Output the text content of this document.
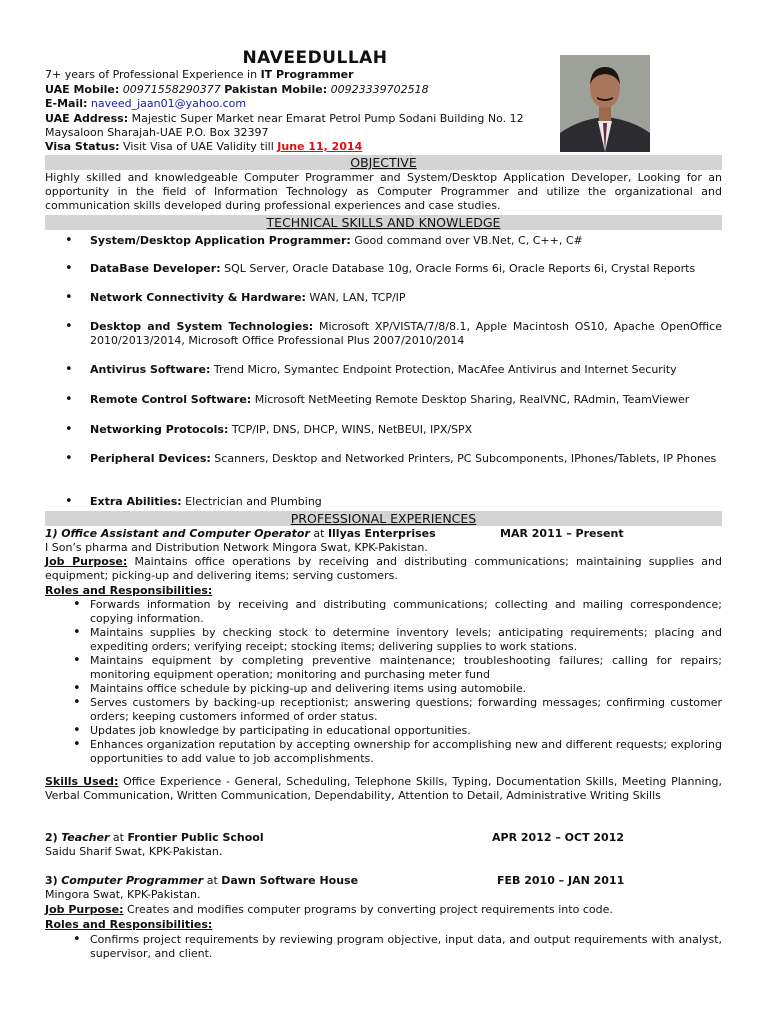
NAVEEDULLAH
7+ years of Professional Experience in IT Programmer
UAE Mobile: 00971558290377 Pakistan Mobile: 00923339702518
E-Mail: naveed_jaan01@yahoo.com
UAE Address: Majestic Super Market near Emarat Petrol Pump Sodani Building No. 12
Maysaloon Sharajah-UAE P.O. Box 32397
Visa Status: Visit Visa of UAE Validity till June 11, 2014
OBJECTIVE
Highly skilled and knowledgeable Computer Programmer and System/Desktop Application Developer, Looking for an opportunity in the field of Information Technology as Computer Programmer and utilize the organizational and communication skills developed during professional experiences and case studies.
TECHNICAL SKILLS AND KNOWLEDGE
• System/Desktop Application Programmer: Good command over VB.Net, C, C++, C#
• DataBase Developer: SQL Server, Oracle Database 10g, Oracle Forms 6i, Oracle Reports 6i, Crystal Reports
• Network Connectivity & Hardware: WAN, LAN, TCP/IP
• Desktop and System Technologies: Microsoft XP/VISTA/7/8/8.1, Apple Macintosh OS10, Apache OpenOffice 2010/2013/2014, Microsoft Office Professional Plus 2007/2010/2014
• Antivirus Software: Trend Micro, Symantec Endpoint Protection, MacAfee Antivirus and Internet Security
• Remote Control Software: Microsoft NetMeeting Remote Desktop Sharing, RealVNC, RAdmin, TeamViewer
• Networking Protocols: TCP/IP, DNS, DHCP, WINS, NetBEUI, IPX/SPX
• Peripheral Devices: Scanners, Desktop and Networked Printers, PC Subcomponents, IPhones/Tablets, IP Phones
• Extra Abilities: Electrician and Plumbing
PROFESSIONAL EXPERIENCES
1) Office Assistant and Computer Operator at Illyas Enterprises	MAR 2011 – Present
I Son’s pharma and Distribution Network Mingora Swat, KPK-Pakistan.
Job Purpose: Maintains office operations by receiving and distributing communications; maintaining supplies and equipment; picking-up and delivering items; serving customers.
Roles and Responsibilities:
• Forwards information by receiving and distributing communications; collecting and mailing correspondence; copying information.
• Maintains supplies by checking stock to determine inventory levels; anticipating requirements; placing and expediting orders; verifying receipt; stocking items; delivering supplies to work stations.
• Maintains equipment by completing preventive maintenance; troubleshooting failures; calling for repairs; monitoring equipment operation; monitoring and purchasing meter fund
• Maintains office schedule by picking-up and delivering items using automobile.
• Serves customers by backing-up receptionist; answering questions; forwarding messages; confirming customer orders; keeping customers informed of order status.
• Updates job knowledge by participating in educational opportunities.
• Enhances organization reputation by accepting ownership for accomplishing new and different requests; exploring opportunities to add value to job accomplishments.
Skills Used: Office Experience - General, Scheduling, Telephone Skills, Typing, Documentation Skills, Meeting Planning, Verbal Communication, Written Communication, Dependability, Attention to Detail, Administrative Writing Skills
2) Teacher at Frontier Public School	APR 2012 – OCT 2012
Saidu Sharif Swat, KPK-Pakistan.
3) Computer Programmer at Dawn Software House	FEB 2010 – JAN 2011
Mingora Swat, KPK-Pakistan.
Job Purpose: Creates and modifies computer programs by converting project requirements into code.
Roles and Responsibilities:
• Confirms project requirements by reviewing program objective, input data, and output requirements with analyst, supervisor, and client.
